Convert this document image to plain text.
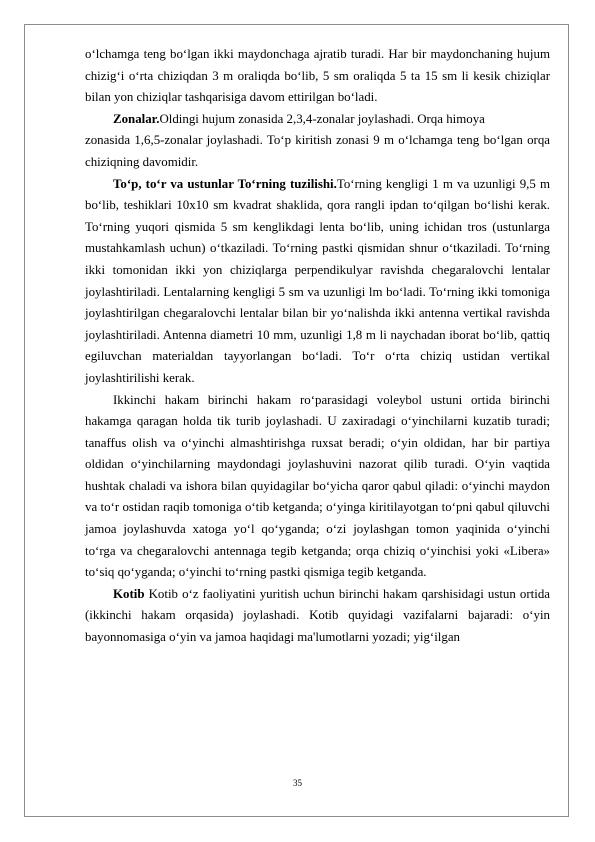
o‘lchamga teng bo‘lgan ikki maydonchaga ajratib turadi. Har bir maydonchaning hujum chizig‘i o‘rta chiziqdan 3 m oraliqda bo‘lib, 5 sm oraliqda 5 ta 15 sm li kesik chiziqlar bilan yon chiziqlar tashqarisiga davom ettirilgan bo‘ladi.

Zonalar.Oldingi hujum zonasida 2,3,4-zonalar joylashadi. Orqa himoya

zonasida 1,6,5-zonalar joylashadi. To‘p kiritish zonasi 9 m o‘lchamga teng bo‘lgan orqa chiziqning davomidir.

To‘p, to‘r va ustunlar To‘rning tuzilishi.To‘rning kengligi 1 m va uzunligi 9,5 m bo‘lib, teshiklari 10x10 sm kvadrat shaklida, qora rangli ipdan to‘qilgan bo‘lishi kerak. To‘rning yuqori qismida 5 sm kenglikdagi lenta bo‘lib, uning ichidan tros (ustunlarga mustahkamlash uchun) o‘tkaziladi. To‘rning pastki qismidan shnur o‘tkaziladi. To‘rning ikki tomonidan ikki yon chiziqlarga perpendikulyar ravishda chegaralovchi lentalar joylashtiriladi. Lentalarning kengligi 5 sm va uzunligi lm bo‘ladi. To‘rning ikki tomoniga joylashtirilgan chegaralovchi lentalar bilan bir yo‘nalishda ikki antenna vertikal ravishda joylashtiriladi. Antenna diametri 10 mm, uzunligi 1,8 m li naychadan iborat bo‘lib, qattiq egiluvchan materialdan tayyorlangan bo‘ladi. To‘r o‘rta chiziq ustidan vertikal joylashtirilishi kerak.

Ikkinchi hakam birinchi hakam ro‘parasidagi voleybol ustuni ortida birinchi hakamga qaragan holda tik turib joylashadi. U zaxiradagi o‘yinchilarni kuzatib turadi; tanaffus olish va o‘yinchi almashtirishga ruxsat beradi; o‘yin oldidan, har bir partiya oldidan o‘yinchilarning maydondagi joylashuvini nazorat qilib turadi. O‘yin vaqtida hushtak chaladi va ishora bilan quyidagilar bo‘yicha qaror qabul qiladi: o‘yinchi maydon va to‘r ostidan raqib tomoniga o‘tib ketganda; o‘yinga kiritilayotgan to‘pni qabul qiluvchi jamoa joylashuvda xatoga yo‘l qo‘yganda; o‘zi joylashgan tomon yaqinida o‘yinchi to‘rga va chegaralovchi antennaga tegib ketganda; orqa chiziq o‘yinchisi yoki «Libera» to‘siq qo‘yganda; o‘yinchi to‘rning pastki qismiga tegib ketganda.

Kotib Kotib o‘z faoliyatini yuritish uchun birinchi hakam qarshisidagi ustun ortida (ikkinchi hakam orqasida) joylashadi. Kotib quyidagi vazifalarni bajaradi: o‘yin bayonnomasiga o‘yin va jamoa haqidagi ma'lumotlarni yozadi; yig‘ilgan

35
